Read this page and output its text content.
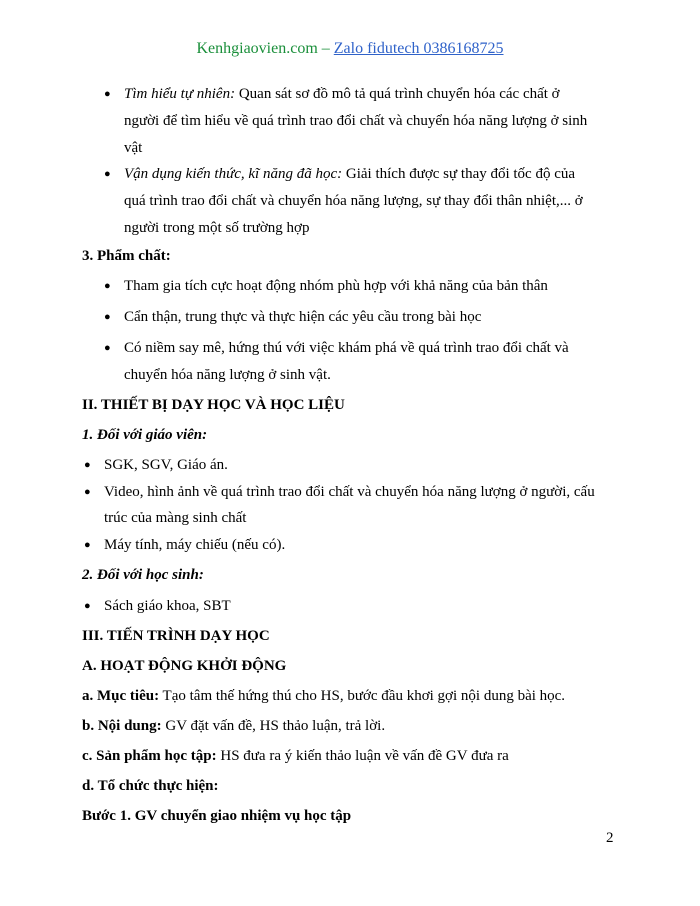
Kenhgiaovien.com – Zalo fidutech 0386168725
● Tìm hiểu tự nhiên: Quan sát sơ đồ mô tả quá trình chuyển hóa các chất ở
người để tìm hiểu về quá trình trao đổi chất và chuyển hóa năng lượng ở sinh
vật
● Vận dụng kiến thức, kĩ năng đã học: Giải thích được sự thay đổi tốc độ của
quá trình trao đổi chất và chuyển hóa năng lượng, sự thay đổi thân nhiệt,... ở
người trong một số trường hợp
3. Phẩm chất:
● Tham gia tích cực hoạt động nhóm phù hợp với khả năng của bản thân
● Cẩn thận, trung thực và thực hiện các yêu cầu trong bài học
● Có niềm say mê, hứng thú với việc khám phá về quá trình trao đổi chất và
chuyển hóa năng lượng ở sinh vật.
II. THIẾT BỊ DẠY HỌC VÀ HỌC LIỆU
1. Đối với giáo viên:
● SGK, SGV, Giáo án.
● Video, hình ảnh về quá trình trao đổi chất và chuyển hóa năng lượng ở người, cấu
trúc của màng sinh chất
● Máy tính, máy chiếu (nếu có).
2. Đối với học sinh:
● Sách giáo khoa, SBT
III. TIẾN TRÌNH DẠY HỌC
A. HOẠT ĐỘNG KHỞI ĐỘNG
a. Mục tiêu: Tạo tâm thế hứng thú cho HS, bước đầu khơi gợi nội dung bài học.
b. Nội dung: GV đặt vấn đề, HS thảo luận, trả lời.
c. Sản phẩm học tập: HS đưa ra ý kiến thảo luận về vấn đề GV đưa ra
d. Tổ chức thực hiện:
Bước 1. GV chuyển giao nhiệm vụ học tập
2
